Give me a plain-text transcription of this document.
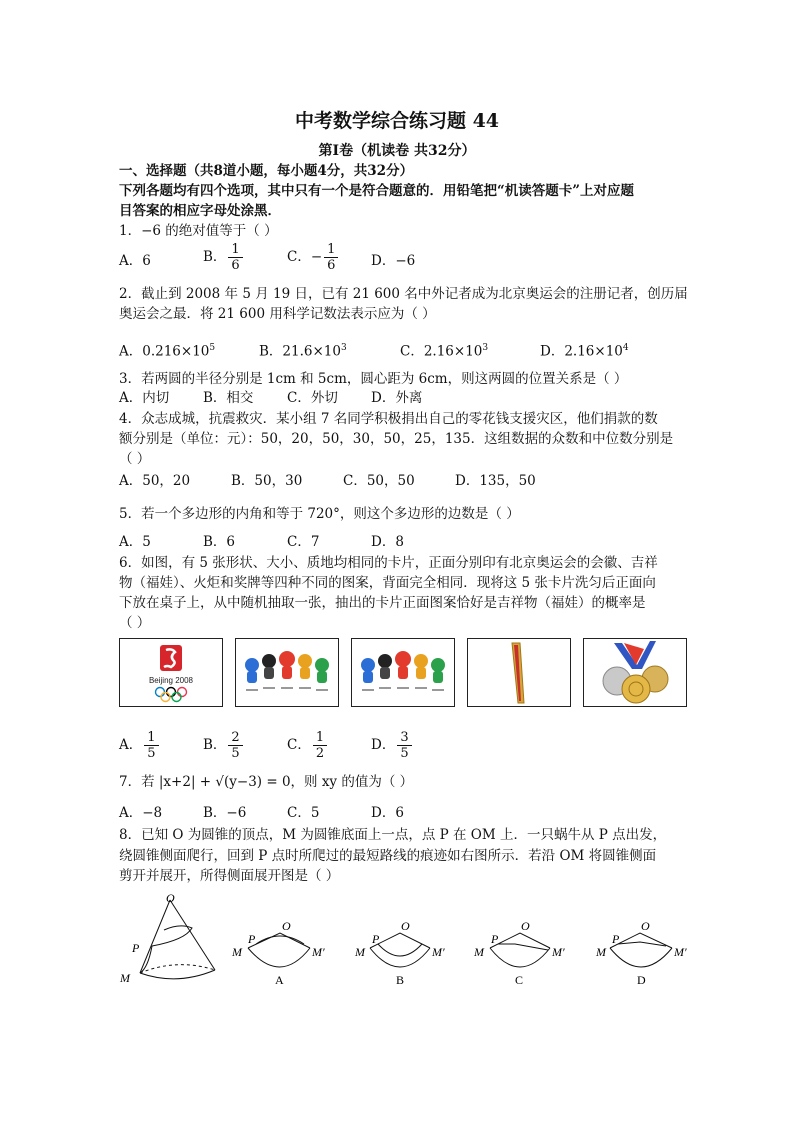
中考数学综合练习题 44
第Ⅰ卷（机读卷 共32分）
一、选择题（共8道小题，每小题4分，共32分）
下列各题均有四个选项，其中只有一个是符合题意的．用铅笔把“机读答题卡”上对应题
目答案的相应字母处涂黑．
1．−6 的绝对值等于（ ）
A．6	B． $\frac{1}{6}$	C．− $\frac{1}{6}$ D．−6
2．截止到 2008 年 5 月 19 日，已有 21 600 名中外记者成为北京奥运会的注册记者，创历届
奥运会之最．将 21 600 用科学记数法表示应为（ ）
A．$0.216\times 10^5$	B．$21.6\times 10^3$	C．$2.16\times 10^3$	D．$2.16\times 10^4$
3．若两圆的半径分别是 1cm 和 5cm，圆心距为 6cm，则这两圆的位置关系是（ ）
A．内切	B．相交 C．外切 D．外离
4．众志成城，抗震救灾．某小组 7 名同学积极捐出自己的零花钱支援灾区，他们捐款的数
额分别是（单位：元）：50，20，50，30，50，25，135．这组数据的众数和中位数分别是
（ ）
A．50，20	B．50，30	C．50，50	D．135，50
5．若一个多边形的内角和等于 720°，则这个多边形的边数是（ ）
A．5	B．6	C．7	D．8
6．如图，有 5 张形状、大小、质地均相同的卡片，正面分别印有北京奥运会的会徽、吉祥
物（福娃）、火炬和奖牌等四种不同的图案，背面完全相同．现将这 5 张卡片洗匀后正面向
下放在桌子上，从中随机抽取一张，抽出的卡片正面图案恰好是吉祥物（福娃）的概率是
（ ）
Beijing 2008
A． $\frac{1}{5}$	B． $\frac{2}{5}$	C． $\frac{1}{2}$	D． $\frac{3}{5}$
7．若 |x+2| + √(y−3) = 0，则 xy 的值为（ ）
A．−8	B．−6	C．5	D．6
8．已知 O 为圆锥的顶点，M 为圆锥底面上一点，点 P 在 OM 上．一只蜗牛从 P 点出发，
绕圆锥侧面爬行，回到 P 点时所爬过的最短路线的痕迹如右图所示．若沿 OM 将圆锥侧面
剪开并展开，所得侧面展开图是（ ）
O
P
M
O
P
M	M′
A
O
P
M	M′
B
O
P
M	M′
C
O
P
M	M′
D
